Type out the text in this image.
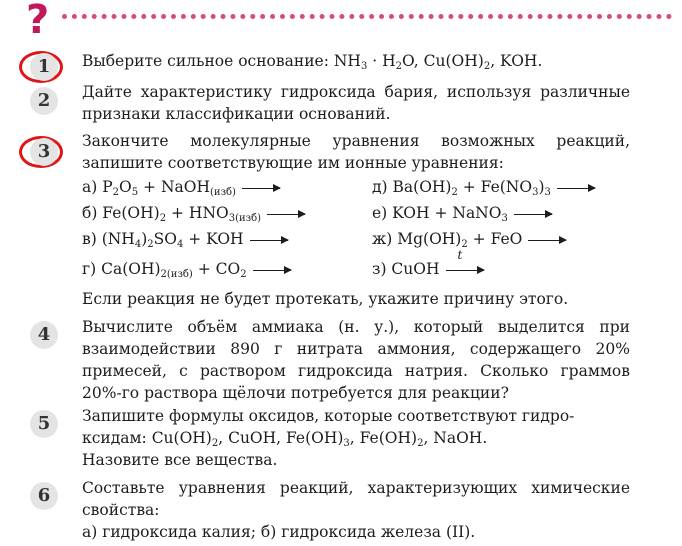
?
1	Выберите сильное основание: $NH_3 \cdot H_2O$, $Cu(OH)_2$, KOH.
2	Дайте характеристику гидроксида бария, используя различные признаки классификации оснований.
3	Закончите молекулярные уравнения возможных реакций, запишите соответствующие им ионные уравнения:
а) $P_2O_5$ + NaOH$_{(изб)}$ →
б) $Fe(OH)_2 + HNO_{3(изб)}$ →
в) $(NH_4)_2SO_4$ + KOH →
г) $Ca(OH)_{2(изб)} + CO_2$ →
д) $Ba(OH)_2 + Fe(NO_3)_3$ →
е) KOH + NaNO$_3$ →
ж) $Mg(OH)_2$ + FeO →
з) CuOH
t
Если реакция не будет протекать, укажите причину этого.
4	Вычислите объём аммиака (н. у.), который выделится при взаимодействии 890 г нитрата аммония, содержащего 20% примесей, с раствором гидроксида натрия. Сколько граммов 20%-го раствора щёлочи потребуется для реакции?
5	Запишите формулы оксидов, которые соответствуют гидро-
ксидам: $Cu(OH)_2$, CuOH, $Fe(OH)_3$, $Fe(OH)_2$, NaOH.
Назовите все вещества.
6	Составьте уравнения реакций, характеризующих химические свойства:
а) гидроксида калия; б) гидроксида железа (II).
